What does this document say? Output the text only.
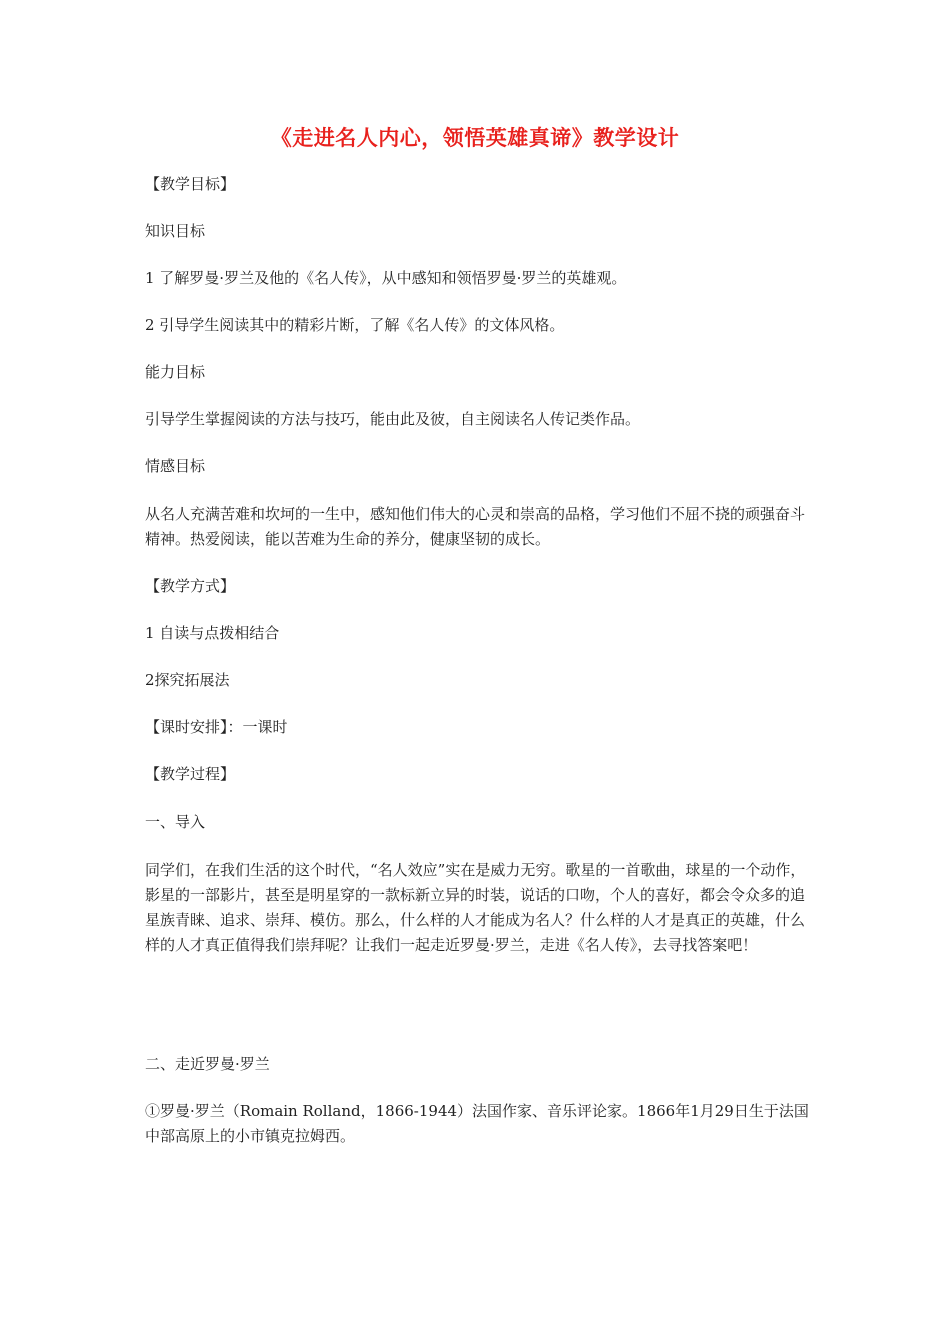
《走进名人内心，领悟英雄真谛》教学设计

【教学目标】

知识目标

1 了解罗曼·罗兰及他的《名人传》，从中感知和领悟罗曼·罗兰的英雄观。

2 引导学生阅读其中的精彩片断，了解《名人传》的文体风格。

能力目标

引导学生掌握阅读的方法与技巧，能由此及彼，自主阅读名人传记类作品。

情感目标

从名人充满苦难和坎坷的一生中，感知他们伟大的心灵和崇高的品格，学习他们不屈不挠的顽强奋斗精神。热爱阅读，能以苦难为生命的养分，健康坚韧的成长。

【教学方式】

1 自读与点拨相结合

2探究拓展法

【课时安排】：一课时

【教学过程】

一、导入

同学们，在我们生活的这个时代，“名人效应”实在是威力无穷。歌星的一首歌曲，球星的一个动作，影星的一部影片，甚至是明星穿的一款标新立异的时装，说话的口吻，个人的喜好，都会令众多的追星族青睐、追求、崇拜、模仿。那么，什么样的人才能成为名人？什么样的人才是真正的英雄，什么样的人才真正值得我们崇拜呢？让我们一起走近罗曼·罗兰，走进《名人传》，去寻找答案吧！

二、走近罗曼·罗兰

①罗曼·罗兰（Romain Rolland，1866-1944）法国作家、音乐评论家。1866年1月29日生于法国中部高原上的小市镇克拉姆西。
